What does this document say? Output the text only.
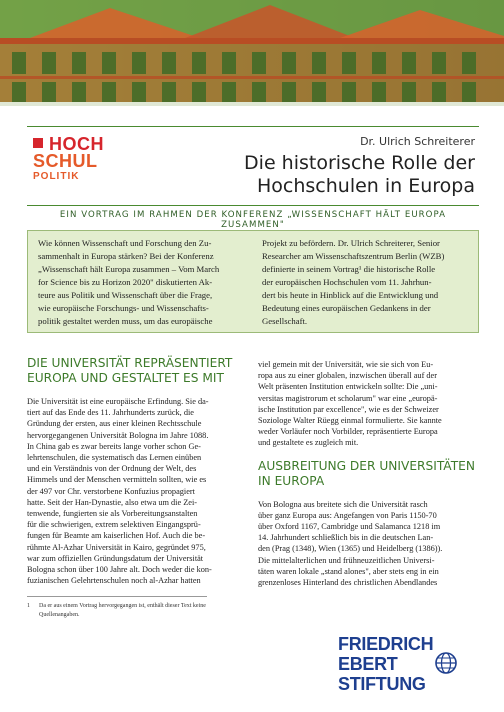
HOCH
SCHUL
POLITIK
Dr. Ulrich Schreiterer
Die historische Rolle der
Hochschulen in Europa
EIN VORTRAG IM RAHMEN DER KONFERENZ „WISSENSCHAFT HÄLT EUROPA ZUSAMMEN"
Wie können Wissenschaft und Forschung den Zu-
sammenhalt in Europa stärken? Bei der Konferenz
„Wissenschaft hält Europa zusammen – Vom March
for Science bis zu Horizon 2020" diskutierten Ak-
teure aus Politik und Wissenschaft über die Frage,
wie europäische Forschungs- und Wissenschafts-
politik gestaltet werden muss, um das europäische
Projekt zu befördern. Dr. Ulrich Schreiterer, Senior
Researcher am Wissenschaftszentrum Berlin (WZB)
definierte in seinem Vortrag¹ die historische Rolle
der europäischen Hochschulen vom 11. Jahrhun-
dert bis heute in Hinblick auf die Entwicklung und
Bedeutung eines europäischen Gedankens in der
Gesellschaft.
DIE UNIVERSITÄT REPRÄSENTIERT
EUROPA UND GESTALTET ES MIT
Die Universität ist eine europäische Erfindung. Sie da-
tiert auf das Ende des 11. Jahrhunderts zurück, die
Gründung der ersten, aus einer kleinen Rechtsschule
hervorgegangenen Universität Bologna im Jahre 1088.
In China gab es zwar bereits lange vorher schon Ge-
lehrtenschulen, die systematisch das Lernen einüben
und ein Verständnis von der Ordnung der Welt, des
Himmels und der Menschen vermitteln sollten, wie es
der 497 vor Chr. verstorbene Konfuzius propagiert
hatte. Seit der Han-Dynastie, also etwa um die Zei-
tenwende, fungierten sie als Vorbereitungsanstalten
für die schwierigen, extrem selektiven Eingangsprü-
fungen für Beamte am kaiserlichen Hof. Auch die be-
rühmte Al-Azhar Universität in Kairo, gegründet 975,
war zum offiziellen Gründungsdatum der Universität
Bologna schon über 100 Jahre alt. Doch weder die kon-
fuzianischen Gelehrtenschulen noch al-Azhar hatten
viel gemein mit der Universität, wie sie sich von Eu-
ropa aus zu einer globalen, inzwischen überall auf der
Welt präsenten Institution entwickeln sollte: Die „uni-
versitas magistrorum et scholarum" war eine „europä-
ische Institution par excellence", wie es der Schweizer
Soziologe Walter Rüegg einmal formulierte. Sie kannte
weder Vorläufer noch Vorbilder, repräsentierte Europa
und gestaltete es zugleich mit.
AUSBREITUNG DER UNIVERSITÄTEN
IN EUROPA
Von Bologna aus breitete sich die Universität rasch
über ganz Europa aus: Angefangen von Paris 1150-70
über Oxford 1167, Cambridge und Salamanca 1218 im
14. Jahrhundert schließlich bis in die deutschen Lan-
den (Prag (1348), Wien (1365) und Heidelberg (1386)).
Die mittelalterlichen und frühneuzeitlichen Universi-
täten waren lokale „stand alones", aber stets eng in ein
grenzenloses Hinterland des christlichen Abendlandes
1	Da er aus einem Vortrag hervorgegangen ist, enthält dieser Text keine
Quellenangaben.
FRIEDRICH
EBERT
STIFTUNG
